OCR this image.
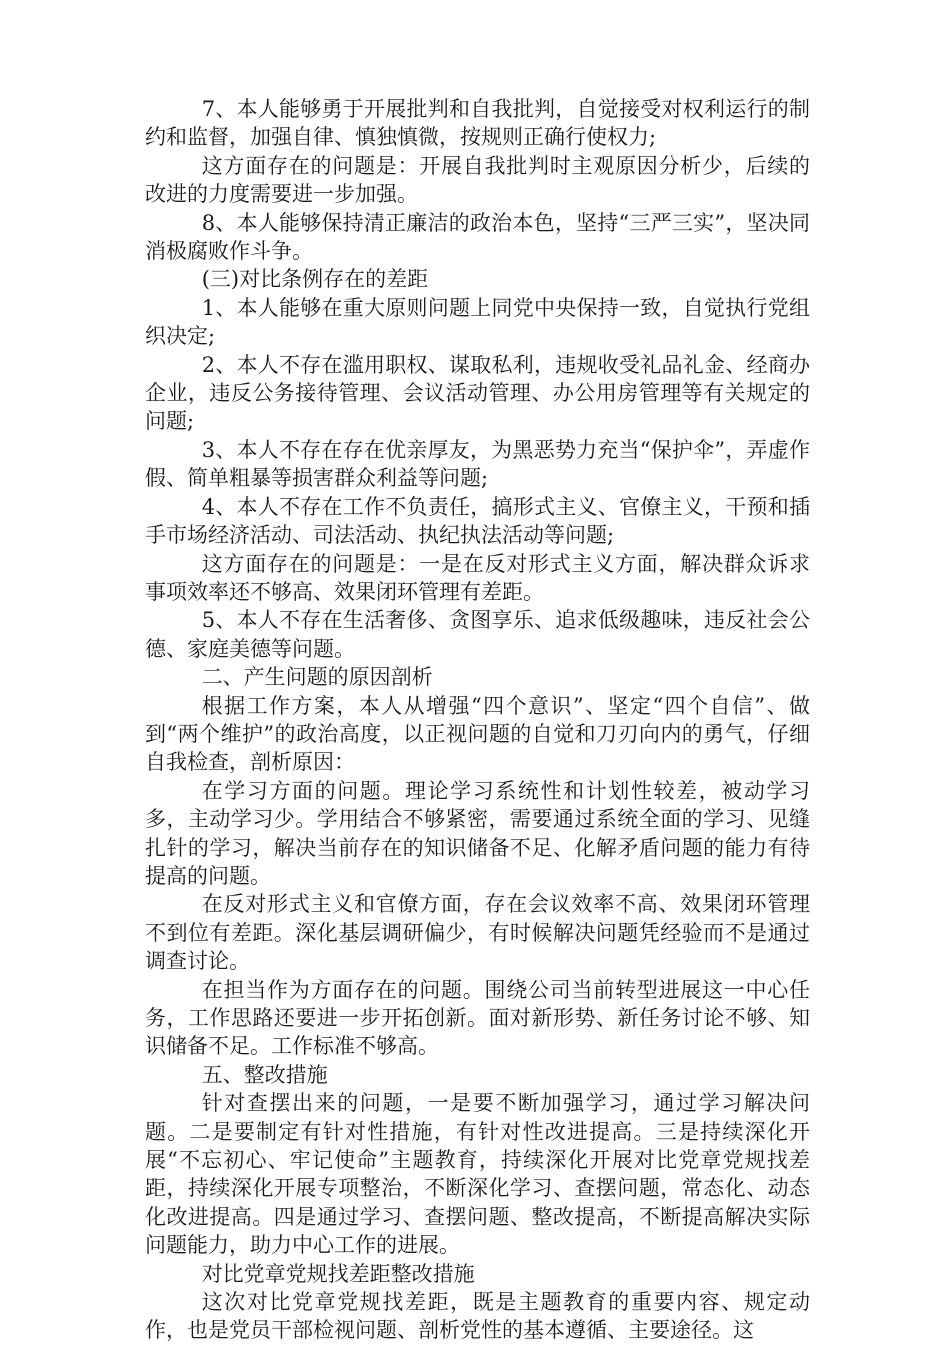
7、本人能够勇于开展批判和自我批判，自觉接受对权利运行的制约和监督，加强自律、慎独慎微，按规则正确行使权力;

这方面存在的问题是：开展自我批判时主观原因分析少，后续的改进的力度需要进一步加强。

8、本人能够保持清正廉洁的政治本色，坚持“三严三实”，坚决同消极腐败作斗争。

(三)对比条例存在的差距

1、本人能够在重大原则问题上同党中央保持一致，自觉执行党组织决定;

2、本人不存在滥用职权、谋取私利，违规收受礼品礼金、经商办企业，违反公务接待管理、会议活动管理、办公用房管理等有关规定的问题;

3、本人不存在存在优亲厚友，为黑恶势力充当“保护伞”，弄虚作假、简单粗暴等损害群众利益等问题;

4、本人不存在工作不负责任，搞形式主义、官僚主义，干预和插手市场经济活动、司法活动、执纪执法活动等问题;

这方面存在的问题是：一是在反对形式主义方面，解决群众诉求事项效率还不够高、效果闭环管理有差距。

5、本人不存在生活奢侈、贪图享乐、追求低级趣味，违反社会公德、家庭美德等问题。

二、产生问题的原因剖析

根据工作方案，本人从增强“四个意识”、坚定“四个自信”、做到“两个维护”的政治高度，以正视问题的自觉和刀刃向内的勇气，仔细自我检查，剖析原因：

在学习方面的问题。理论学习系统性和计划性较差，被动学习多，主动学习少。学用结合不够紧密，需要通过系统全面的学习、见缝扎针的学习，解决当前存在的知识储备不足、化解矛盾问题的能力有待提高的问题。

在反对形式主义和官僚方面，存在会议效率不高、效果闭环管理不到位有差距。深化基层调研偏少，有时候解决问题凭经验而不是通过调查讨论。

在担当作为方面存在的问题。围绕公司当前转型进展这一中心任务，工作思路还要进一步开拓创新。面对新形势、新任务讨论不够、知识储备不足。工作标准不够高。

五、整改措施

针对查摆出来的问题，一是要不断加强学习，通过学习解决问题。二是要制定有针对性措施，有针对性改进提高。三是持续深化开展“不忘初心、牢记使命”主题教育，持续深化开展对比党章党规找差距，持续深化开展专项整治，不断深化学习、查摆问题，常态化、动态化改进提高。四是通过学习、查摆问题、整改提高，不断提高解决实际问题能力，助力中心工作的进展。

对比党章党规找差距整改措施

这次对比党章党规找差距，既是主题教育的重要内容、规定动作，也是党员干部检视问题、剖析党性的基本遵循、主要途径。这
